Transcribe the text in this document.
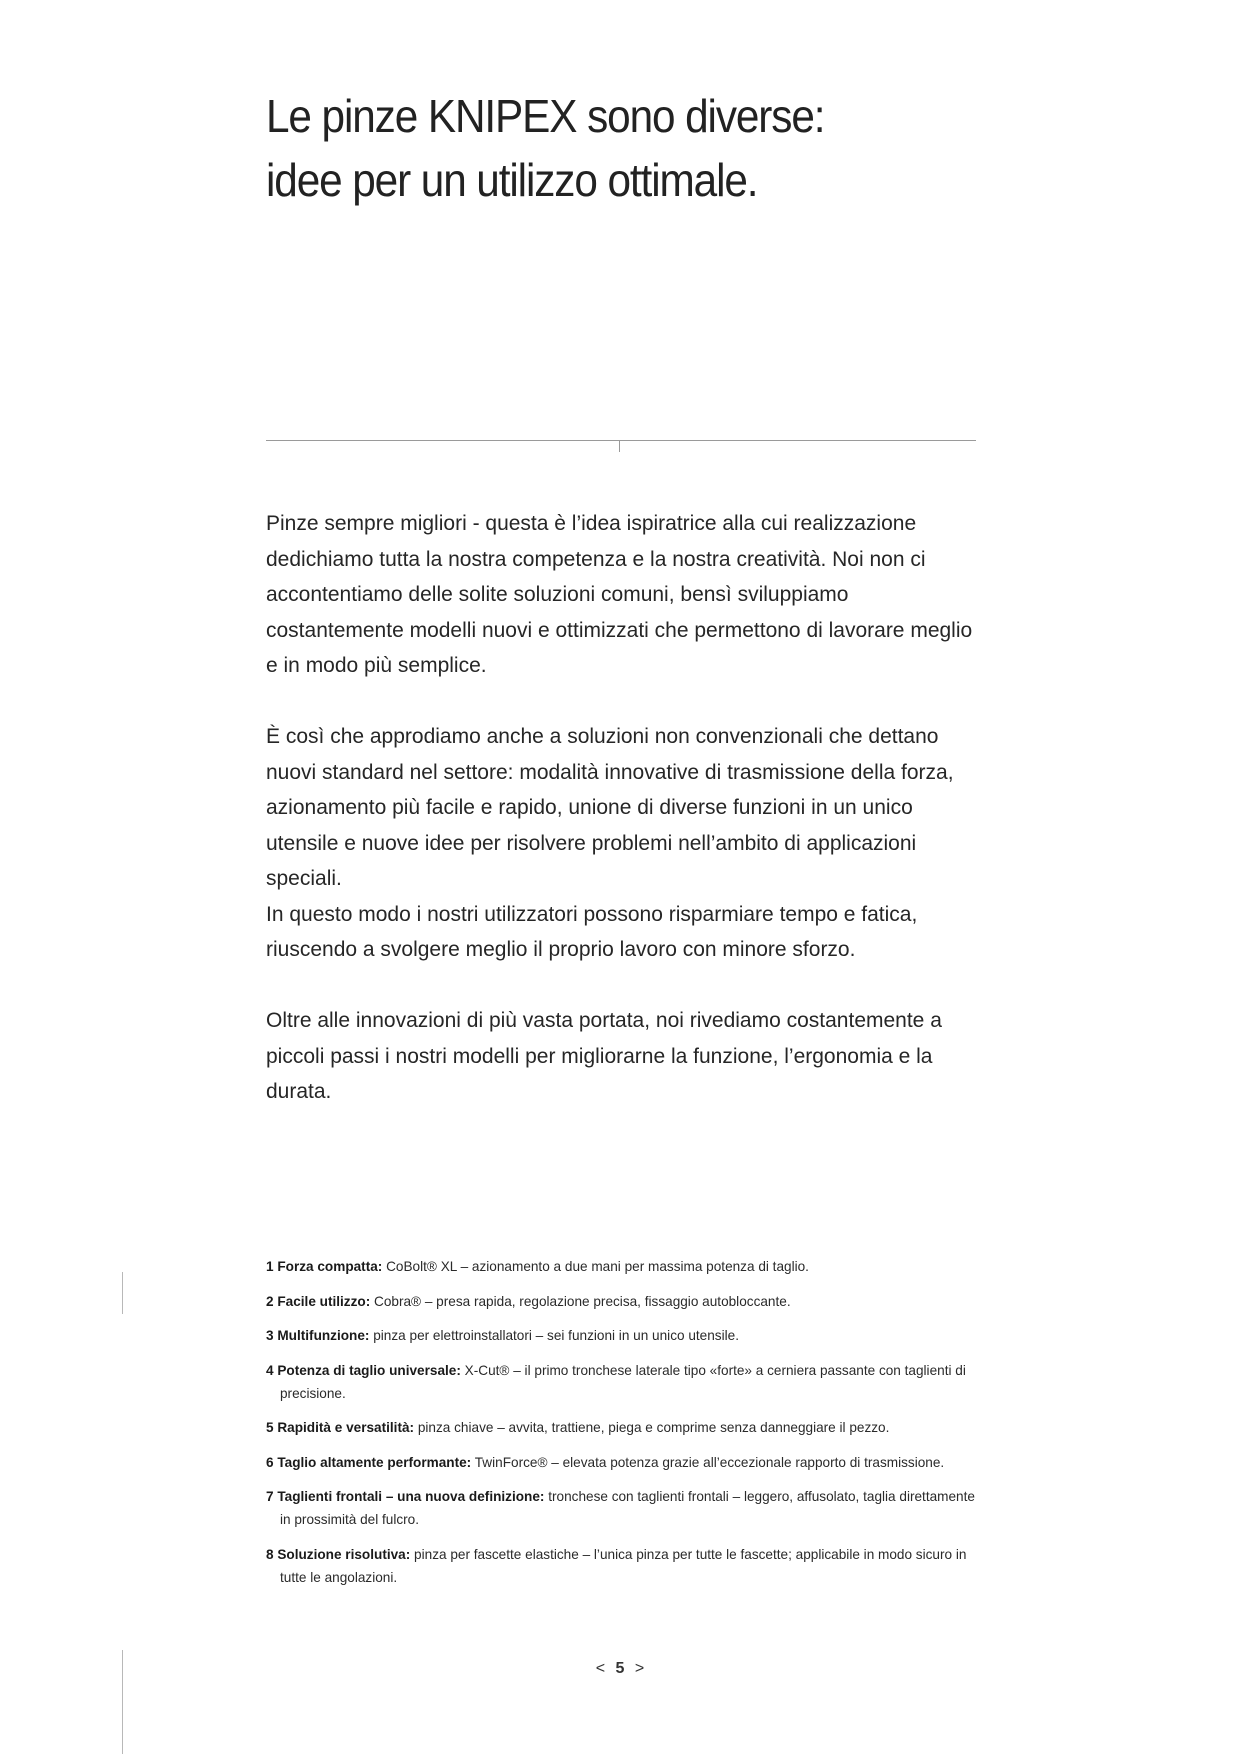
Le pinze KNIPEX sono diverse:
idee per un utilizzo ottimale.

Pinze sempre migliori - questa è l’idea ispiratrice alla cui realizzazione dedichiamo tutta la nostra competenza e la nostra creatività. Noi non ci accontentiamo delle solite soluzioni comuni, bensì sviluppiamo costantemente modelli nuovi e ottimizzati che permettono di lavorare meglio e in modo più semplice.

È così che approdiamo anche a soluzioni non convenzionali che dettano nuovi standard nel settore: modalità innovative di trasmissione della forza, azionamento più facile e rapido, unione di diverse funzioni in un unico utensile e nuove idee per risolvere problemi nell’ambito di applicazioni speciali.

In questo modo i nostri utilizzatori possono risparmiare tempo e fatica, riuscendo a svolgere meglio il proprio lavoro con minore sforzo.

Oltre alle innovazioni di più vasta portata, noi rivediamo costantemente a piccoli passi i nostri modelli per migliorarne la funzione, l’ergonomia e la durata.

1 Forza compatta: CoBolt® XL – azionamento a due mani per massima potenza di taglio.
2 Facile utilizzo: Cobra® – presa rapida, regolazione precisa, fissaggio autobloccante.
3 Multifunzione: pinza per elettroinstallatori – sei funzioni in un unico utensile.
4 Potenza di taglio universale: X-Cut® – il primo tronchese laterale tipo «forte» a cerniera passante con taglienti di precisione.
5 Rapidità e versatilità: pinza chiave – avvita, trattiene, piega e comprime senza danneggiare il pezzo.
6 Taglio altamente performante: TwinForce® – elevata potenza grazie all’eccezionale rapporto di trasmissione.
7 Taglienti frontali – una nuova definizione: tronchese con taglienti frontali – leggero, affusolato, taglia direttamente in prossimità del fulcro.
8 Soluzione risolutiva: pinza per fascette elastiche – l’unica pinza per tutte le fascette; applicabile in modo sicuro in tutte le angolazioni.
< 5 >
